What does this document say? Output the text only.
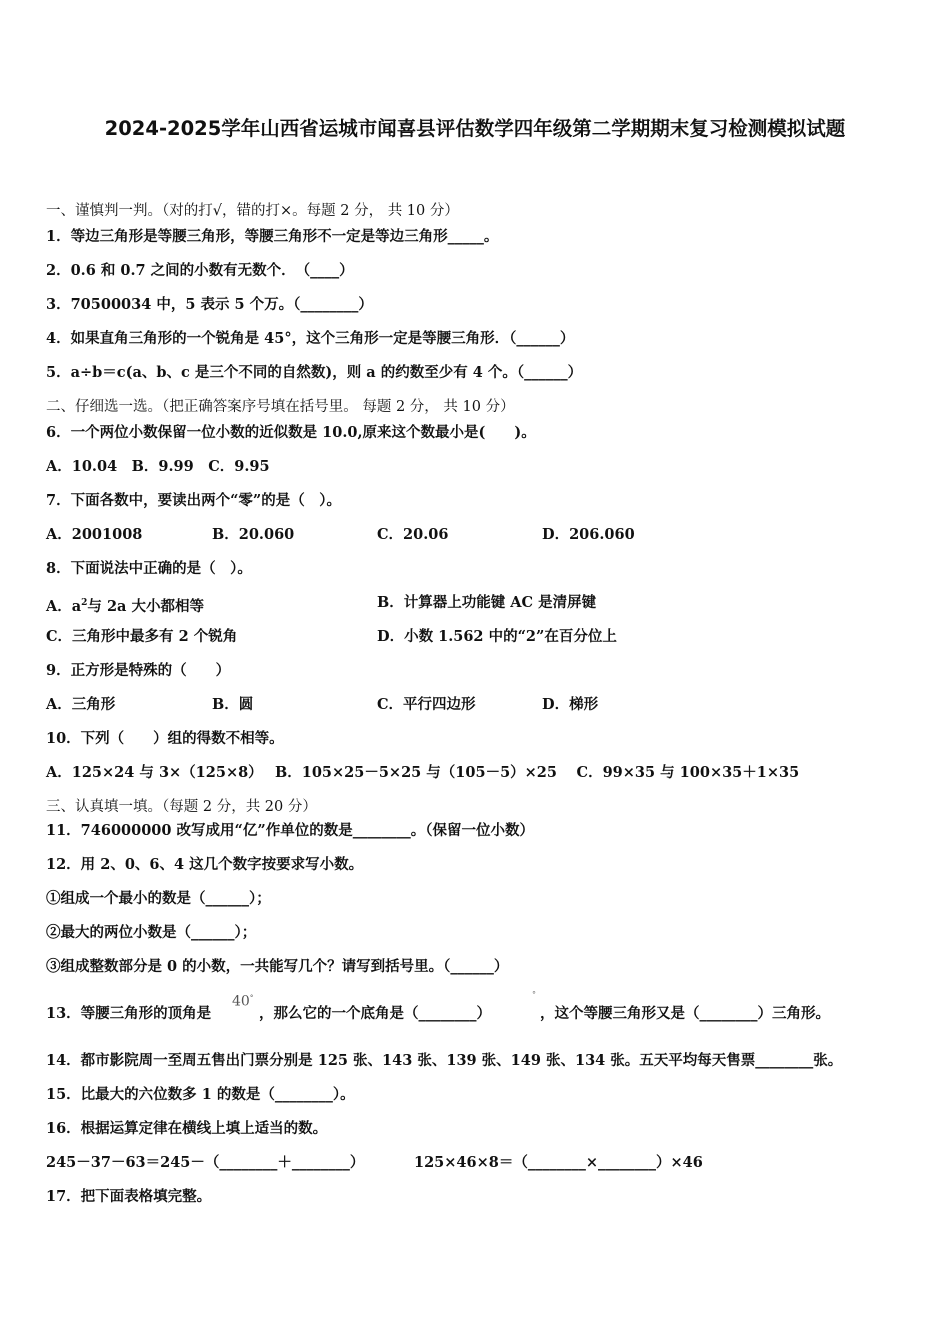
2024-2025学年山西省运城市闻喜县评估数学四年级第二学期期末复习检测模拟试题
一、谨慎判一判。（对的打√，错的打×。每题 2 分， 共 10 分）
1．等边三角形是等腰三角形，等腰三角形不一定是等边三角形_____。
2．0.6 和 0.7 之间的小数有无数个．　（____）
3．70500034 中，5 表示 5 个万。（________）
4．如果直角三角形的一个锐角是 45°，这个三角形一定是等腰三角形．（______）
5．a÷b＝c(a、b、c 是三个不同的自然数)，则 a 的约数至少有 4 个。（______）
二、仔细选一选。（把正确答案序号填在括号里。 每题 2 分， 共 10 分）
6．一个两位小数保留一位小数的近似数是 10.0,原来这个数最小是(　　)。
A．10.04　B．9.99　C．9.95
7．下面各数中，要读出两个“零”的是（　）。
A．2001008	B．20.060	C．20.06	D．206.060
8．下面说法中正确的是（　）。
A．$a^2$与 2a 大小都相等	B．计算器上功能键 AC 是清屏键
C．三角形中最多有 2 个锐角	D．小数 1.562 中的“2”在百分位上
9．正方形是特殊的（　　）
A．三角形	B．圆	C．平行四边形	D．梯形
10．下列（　　）组的得数不相等。
A．125×24 与 3×（125×8）　 B．105×25－5×25 与（105－5）×25　 C．99×35 与 100×35＋1×35
三、认真填一填。（每题 2 分，共 20 分）
11．746000000 改写成用“亿”作单位的数是________。（保留一位小数）
12．用 2、0、6、4 这几个数字按要求写小数。
①组成一个最小的数是（______）；
②最大的两位小数是（______）；
③组成整数部分是 0 的小数，一共能写几个？请写到括号里。（______）
13．等腰三角形的顶角是
40°
，那么它的一个底角是（________）
°
，这个等腰三角形又是（________）三角形。
14．都市影院周一至周五售出门票分别是 125 张、143 张、139 张、149 张、134 张。五天平均每天售票________张。
15．比最大的六位数多 1 的数是（________）。
16．根据运算定律在横线上填上适当的数。
245－37－63＝245－（________＋________）	125×46×8＝（________×________）×46
17．把下面表格填完整。
